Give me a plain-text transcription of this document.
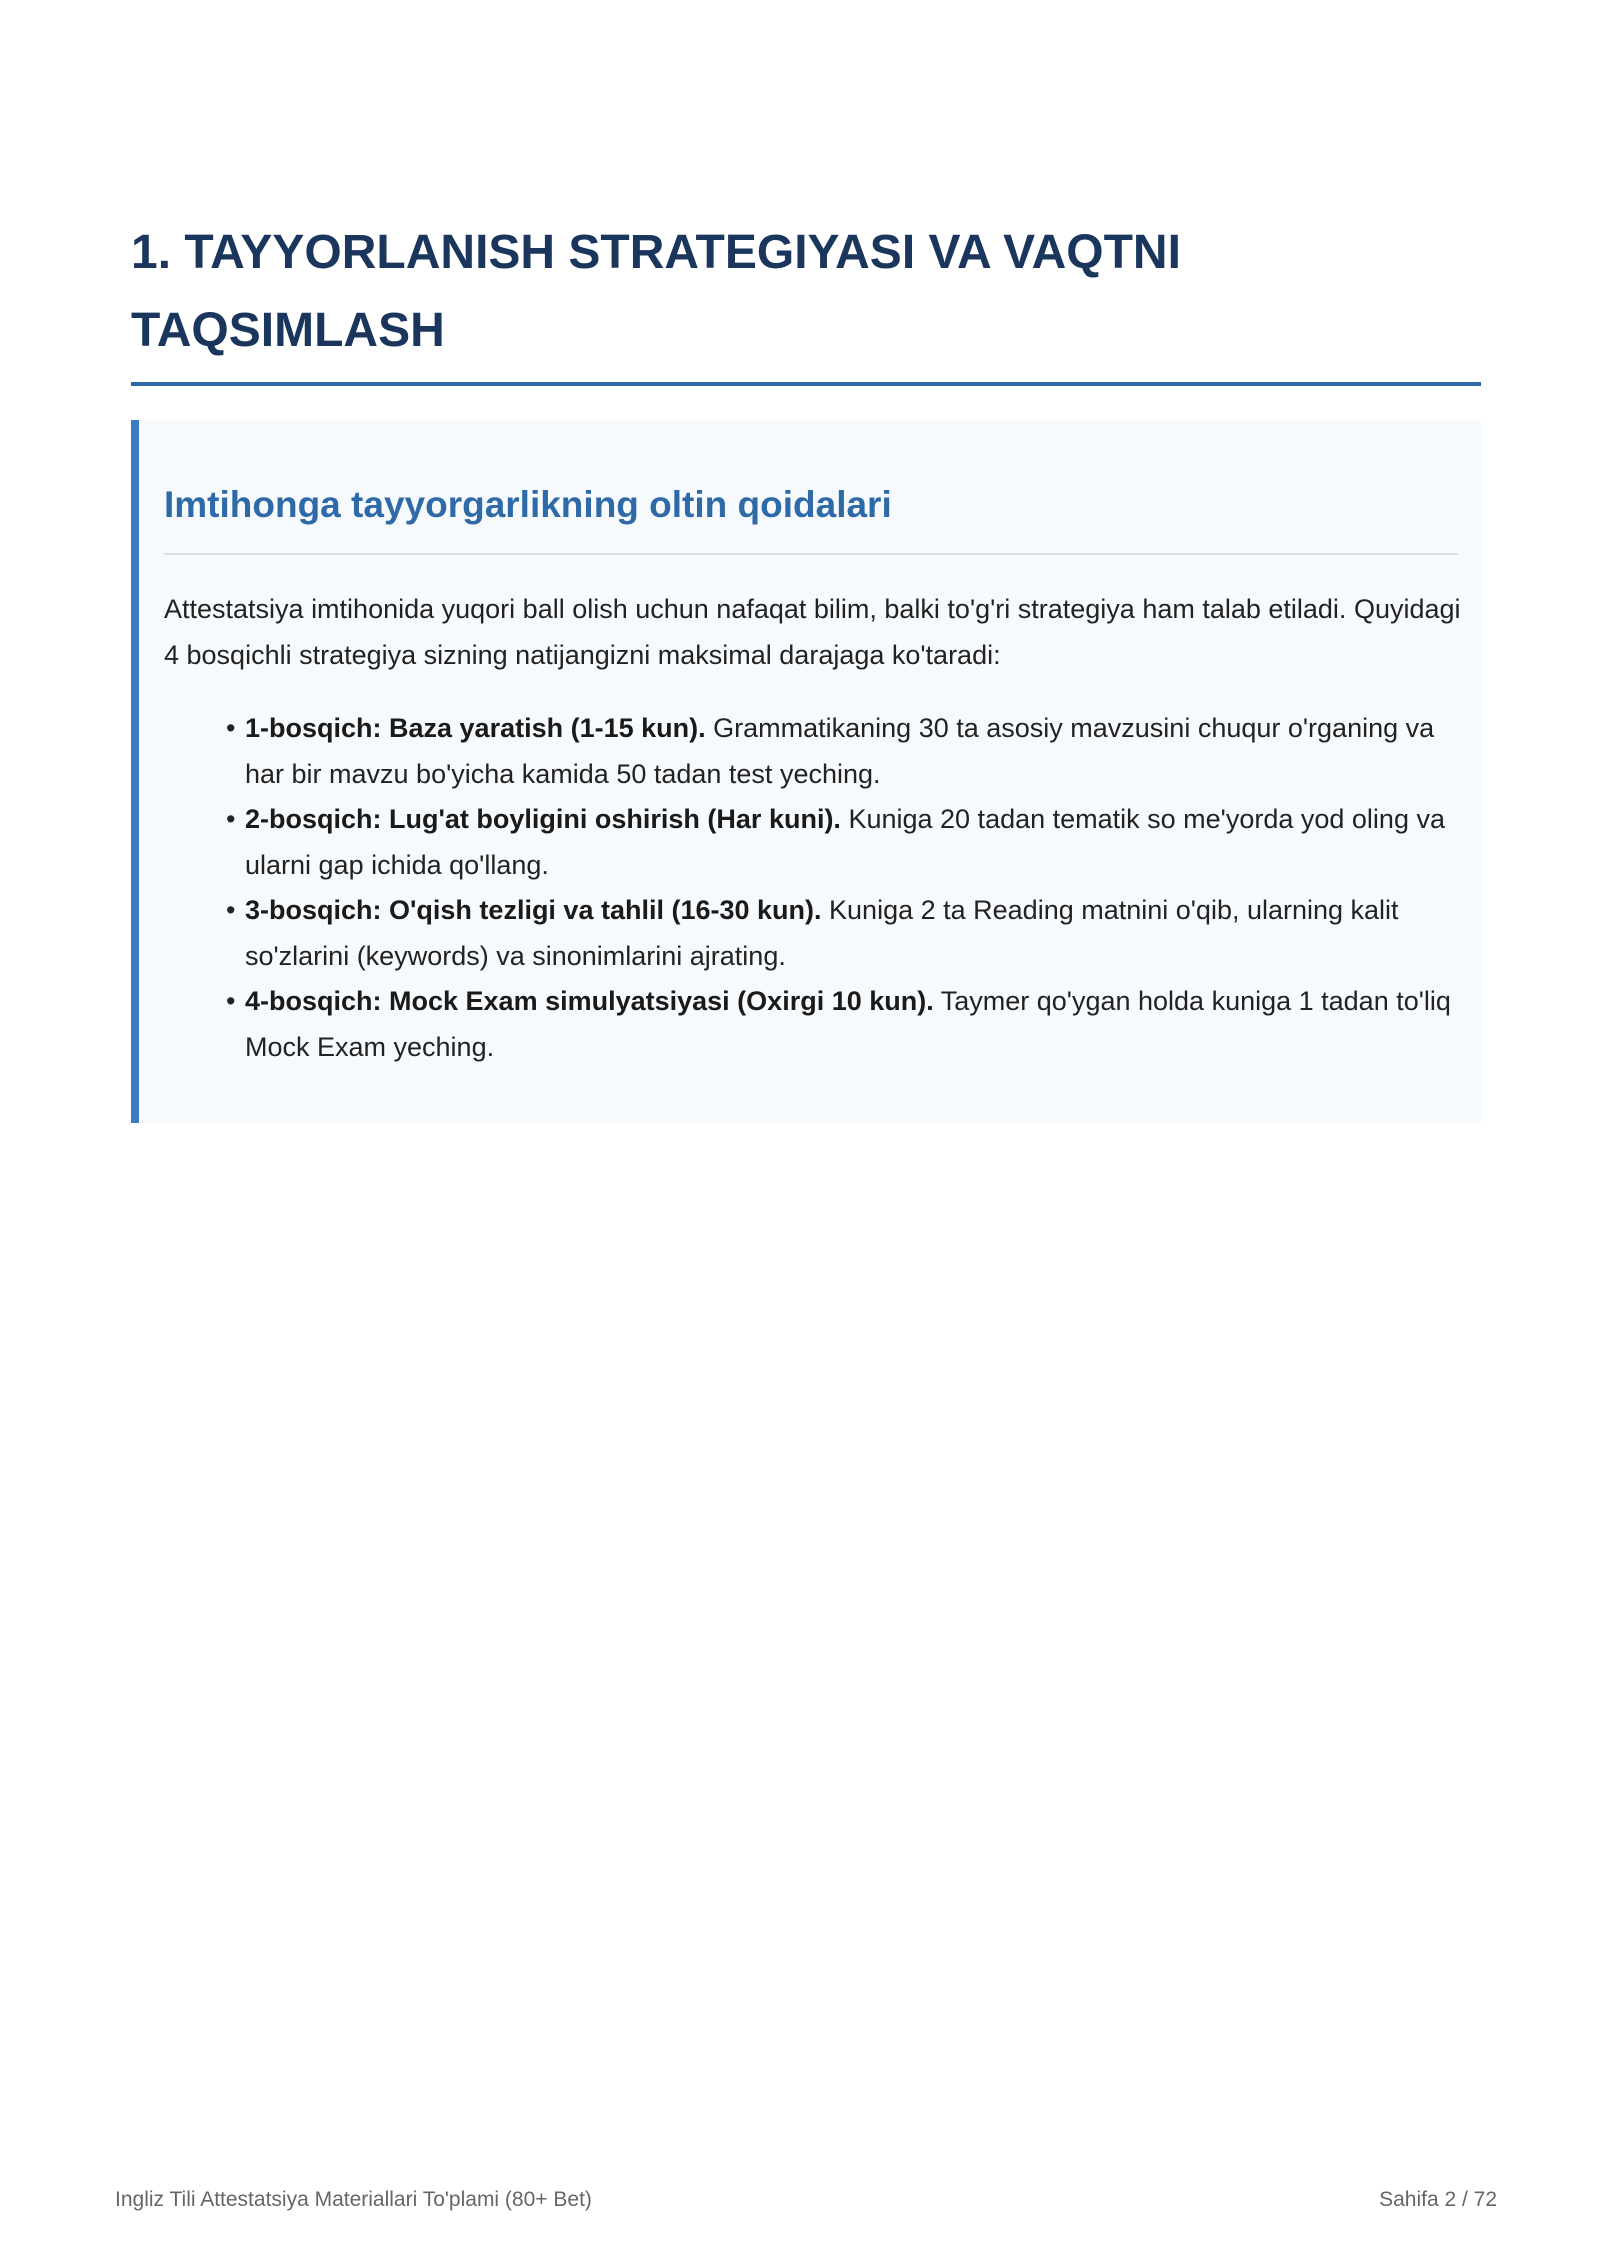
1. TAYYORLANISH STRATEGIYASI VA VAQTNI TAQSIMLASH
Imtihonga tayyorgarlikning oltin qoidalari

Attestatsiya imtihonida yuqori ball olish uchun nafaqat bilim, balki to'g'ri strategiya ham talab etiladi. Quyidagi 4 bosqichli strategiya sizning natijangizni maksimal darajaga ko'taradi:

• 1-bosqich: Baza yaratish (1-15 kun). Grammatikaning 30 ta asosiy mavzusini chuqur o'rganing va har bir mavzu bo'yicha kamida 50 tadan test yeching.
• 2-bosqich: Lug'at boyligini oshirish (Har kuni). Kuniga 20 tadan tematik so me'yorda yod oling va ularni gap ichida qo'llang.
• 3-bosqich: O'qish tezligi va tahlil (16-30 kun). Kuniga 2 ta Reading matnini o'qib, ularning kalit so'zlarini (keywords) va sinonimlarini ajrating.
• 4-bosqich: Mock Exam simulyatsiyasi (Oxirgi 10 kun). Taymer qo'ygan holda kuniga 1 tadan to'liq Mock Exam yeching.
Ingliz Tili Attestatsiya Materiallari To'plami (80+ Bet)	Sahifa 2 / 72
